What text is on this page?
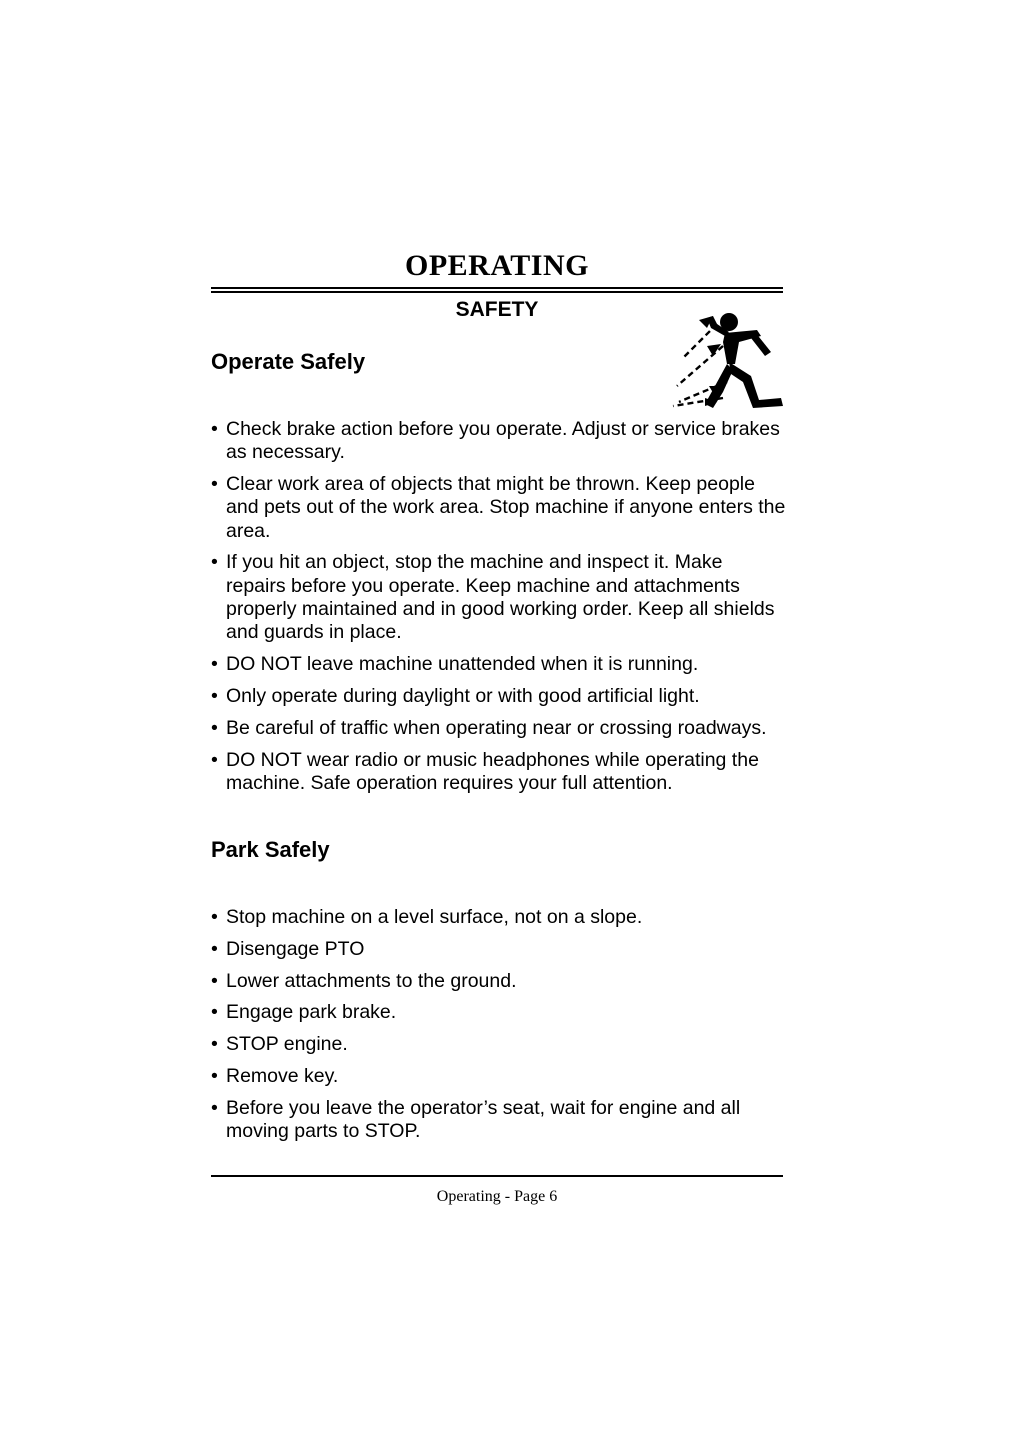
OPERATING
SAFETY
Operate Safely
• Check brake action before you operate. Adjust or service brakes as necessary.
• Clear work area of objects that might be thrown. Keep people and pets out of the work area. Stop machine if anyone enters the area.
• If you hit an object, stop the machine and inspect it. Make repairs before you operate. Keep machine and attachments properly maintained and in good working order. Keep all shields and guards in place.
• DO NOT leave machine unattended when it is running.
• Only operate during daylight or with good artificial light.
• Be careful of traffic when operating near or crossing roadways.
• DO NOT wear radio or music headphones while operating the machine. Safe operation requires your full attention.
Park Safely
• Stop machine on a level surface, not on a slope.
• Disengage PTO
• Lower attachments to the ground.
• Engage park brake.
• STOP engine.
• Remove key.
• Before you leave the operator’s seat, wait for engine and all moving parts to STOP.
Operating - Page 6
